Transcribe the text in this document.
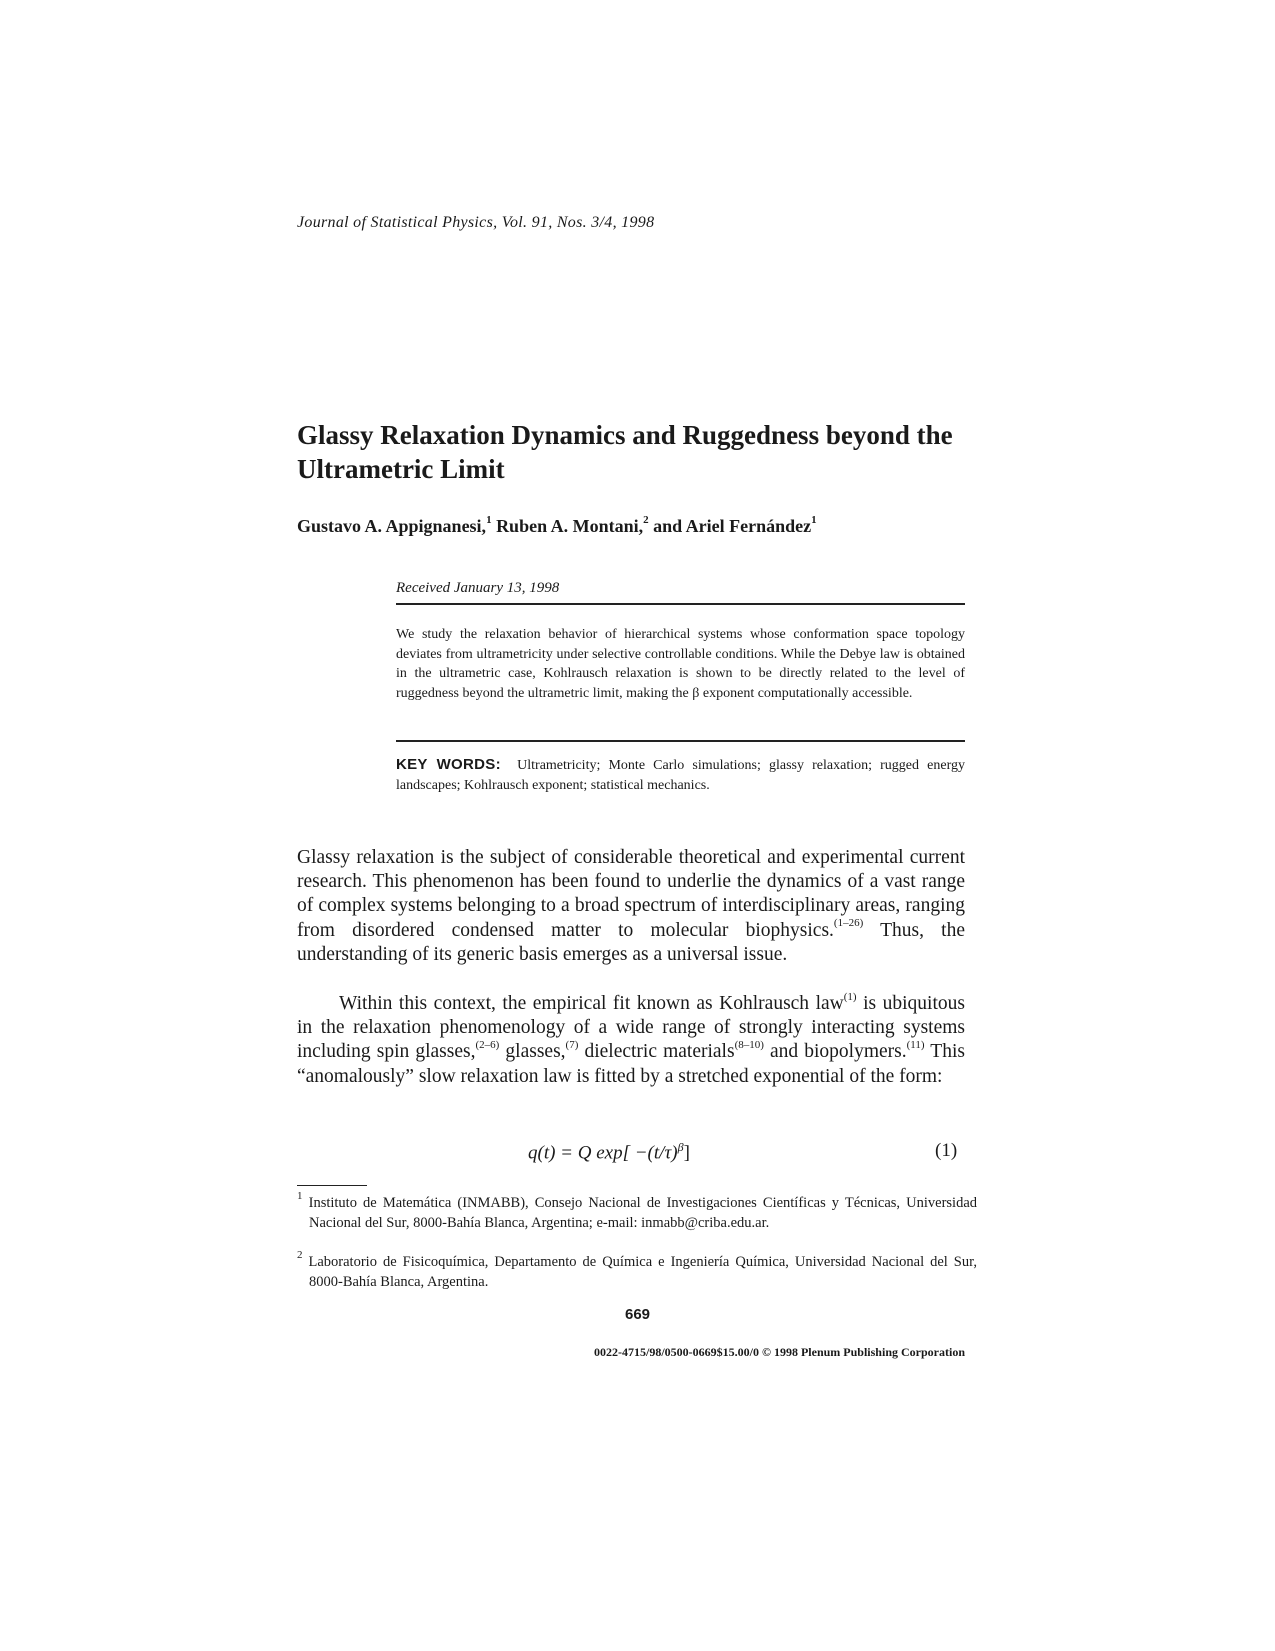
Journal of Statistical Physics, Vol. 91, Nos. 3/4, 1998
Glassy Relaxation Dynamics and Ruggedness beyond the Ultrametric Limit
Gustavo A. Appignanesi,$^1$ Ruben A. Montani,$^2$ and Ariel Fernández$^1$
Received January 13, 1998

We study the relaxation behavior of hierarchical systems whose conformation space topology deviates from ultrametricity under selective controllable conditions. While the Debye law is obtained in the ultrametric case, Kohlrausch relaxation is shown to be directly related to the level of ruggedness beyond the ultrametric limit, making the β exponent computationally accessible.

KEY WORDS: Ultrametricity; Monte Carlo simulations; glassy relaxation; rugged energy landscapes; Kohlrausch exponent; statistical mechanics.

Glassy relaxation is the subject of considerable theoretical and experimental current research. This phenomenon has been found to underlie the dynamics of a vast range of complex systems belonging to a broad spectrum of interdisciplinary areas, ranging from disordered condensed matter to molecular biophysics.$^{(1-26)}$ Thus, the understanding of its generic basis emerges as a universal issue.

Within this context, the empirical fit known as Kohlrausch law$^{(1)}$ is ubiquitous in the relaxation phenomenology of a wide range of strongly interacting systems including spin glasses,$^{(2-6)}$ glasses,$^{(7)}$ dielectric materials$^{(8-10)}$ and biopolymers.$^{(11)}$ This “anomalously” slow relaxation law is fitted by a stretched exponential of the form:

q(t) = Q $\exp[ -(t/\tau)^\beta]$	(1)

$^1$ Instituto de Matemática (INMABB), Consejo Nacional de Investigaciones Científicas y Técnicas, Universidad Nacional del Sur, 8000-Bahía Blanca, Argentina; e-mail: inmabb@criba.edu.ar.

$^2$ Laboratorio de Fisicoquímica, Departamento de Química e Ingeniería Química, Universidad Nacional del Sur, 8000-Bahía Blanca, Argentina.

669
0022-4715/98/0500-0669$15.00/0 © 1998 Plenum Publishing Corporation
